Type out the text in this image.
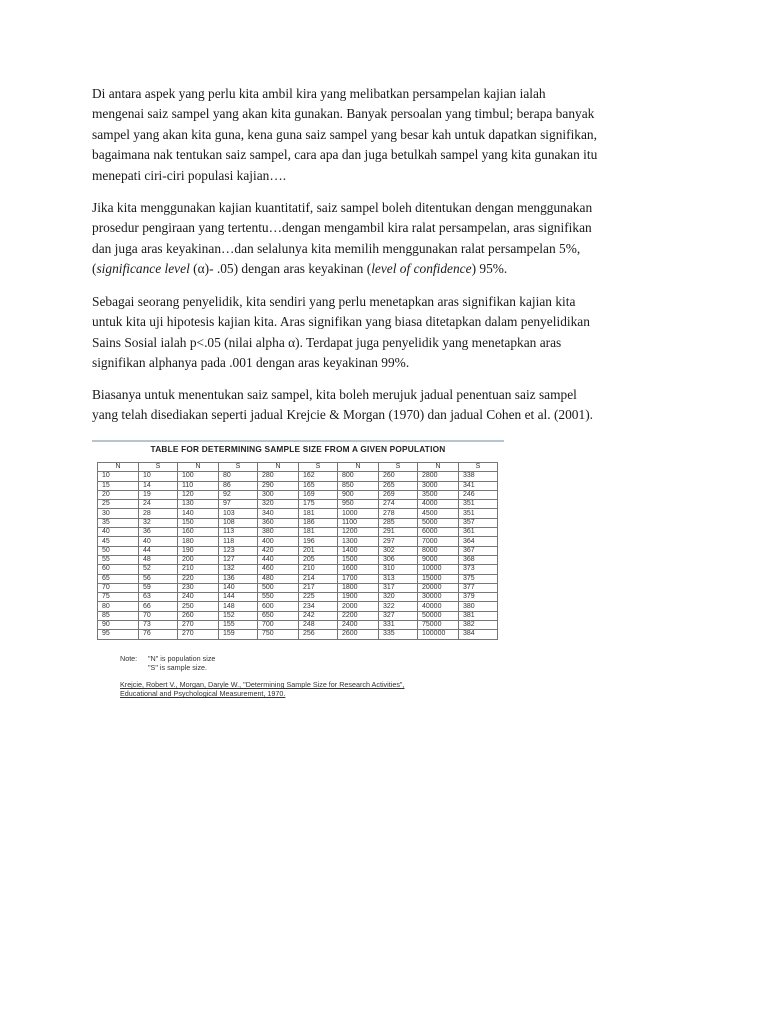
Di antara aspek yang perlu kita ambil kira yang melibatkan persampelan kajian ialah
mengenai saiz sampel yang akan kita gunakan. Banyak persoalan yang timbul; berapa banyak
sampel yang akan kita guna, kena guna saiz sampel yang besar kah untuk dapatkan signifikan,
bagaimana nak tentukan saiz sampel, cara apa dan juga betulkah sampel yang kita gunakan itu
menepati ciri-ciri populasi kajian….
Jika kita menggunakan kajian kuantitatif, saiz sampel boleh ditentukan dengan menggunakan
prosedur pengiraan yang tertentu…dengan mengambil kira ralat persampelan, aras signifikan
dan juga aras keyakinan…dan selalunya kita memilih menggunakan ralat persampelan 5%,
(significance level (α)- .05) dengan aras keyakinan (level of confidence) 95%.
Sebagai seorang penyelidik, kita sendiri yang perlu menetapkan aras signifikan kajian kita
untuk kita uji hipotesis kajian kita. Aras signifikan yang biasa ditetapkan dalam penyelidikan
Sains Sosial ialah p<.05 (nilai alpha α). Terdapat juga penyelidik yang menetapkan aras
signifikan alphanya pada .001 dengan aras keyakinan 99%.
Biasanya untuk menentukan saiz sampel, kita boleh merujuk jadual penentuan saiz sampel
yang telah disediakan seperti jadual Krejcie & Morgan (1970) dan jadual Cohen et al. (2001).
TABLE FOR DETERMINING SAMPLE SIZE FROM A GIVEN POPULATION
N	S	N	S	N	S	N	S	N	S
10	10	100	80	280	162	800	260	2800	338
15	14	110	86	290	165	850	265	3000	341
20	19	120	92	300	169	900	269	3500	246
25	24	130	97	320	175	950	274	4000	351
30	28	140	103	340	181	1000	278	4500	351
35	32	150	108	360	186	1100	285	5000	357
40	36	160	113	380	181	1200	291	6000	361
45	40	180	118	400	196	1300	297	7000	364
50	44	190	123	420	201	1400	302	8000	367
55	48	200	127	440	205	1500	306	9000	368
60	52	210	132	460	210	1600	310	10000	373
65	56	220	136	480	214	1700	313	15000	375
70	59	230	140	500	217	1800	317	20000	377
75	63	240	144	550	225	1900	320	30000	379
80	66	250	148	600	234	2000	322	40000	380
85	70	260	152	650	242	2200	327	50000	381
90	73	270	155	700	248	2400	331	75000	382
95	76	270	159	750	256	2600	335	100000	384
Note: "N" is population size
"S" is sample size.
Krejcie, Robert V., Morgan, Daryle W., "Determining Sample Size for Research Activities",
Educational and Psychological Measurement, 1970.
